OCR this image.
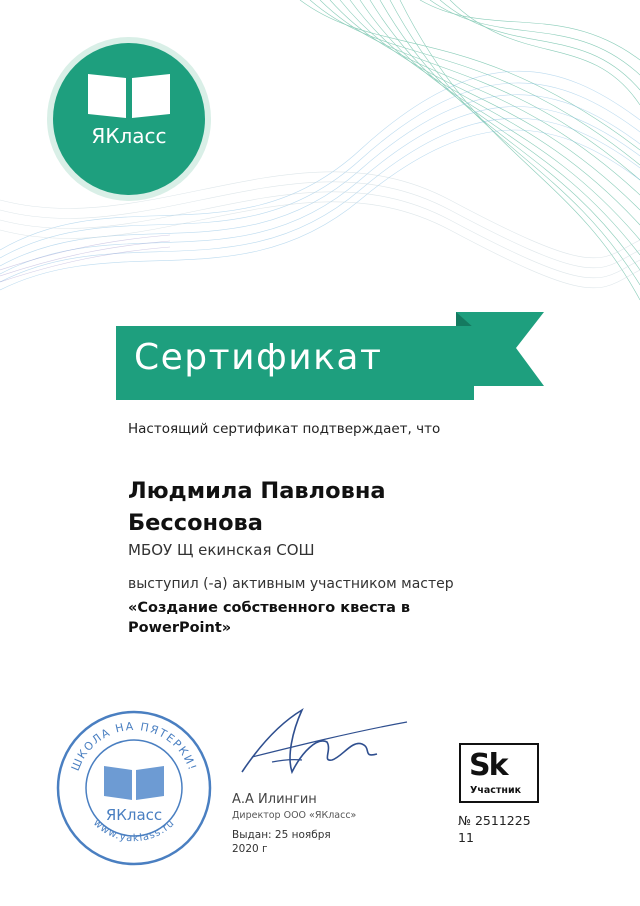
ЯКласс
Сертификат
Настоящий сертификат подтверждает, что
Людмила Павловна
Бессонова
МБОУ Щ екинская СОШ
выступил (-а) активным участником мастер
«Создание собственного квеста в
PowerPoint»
ШКОЛА НА ПЯТЕРКИ!
www.yaklass.ru
ЯКласс
А.А Илингин
Директор ООО «ЯКласс»
Выдан: 25 ноября
2020 г
Sk
Участник
№ 2511225
11
